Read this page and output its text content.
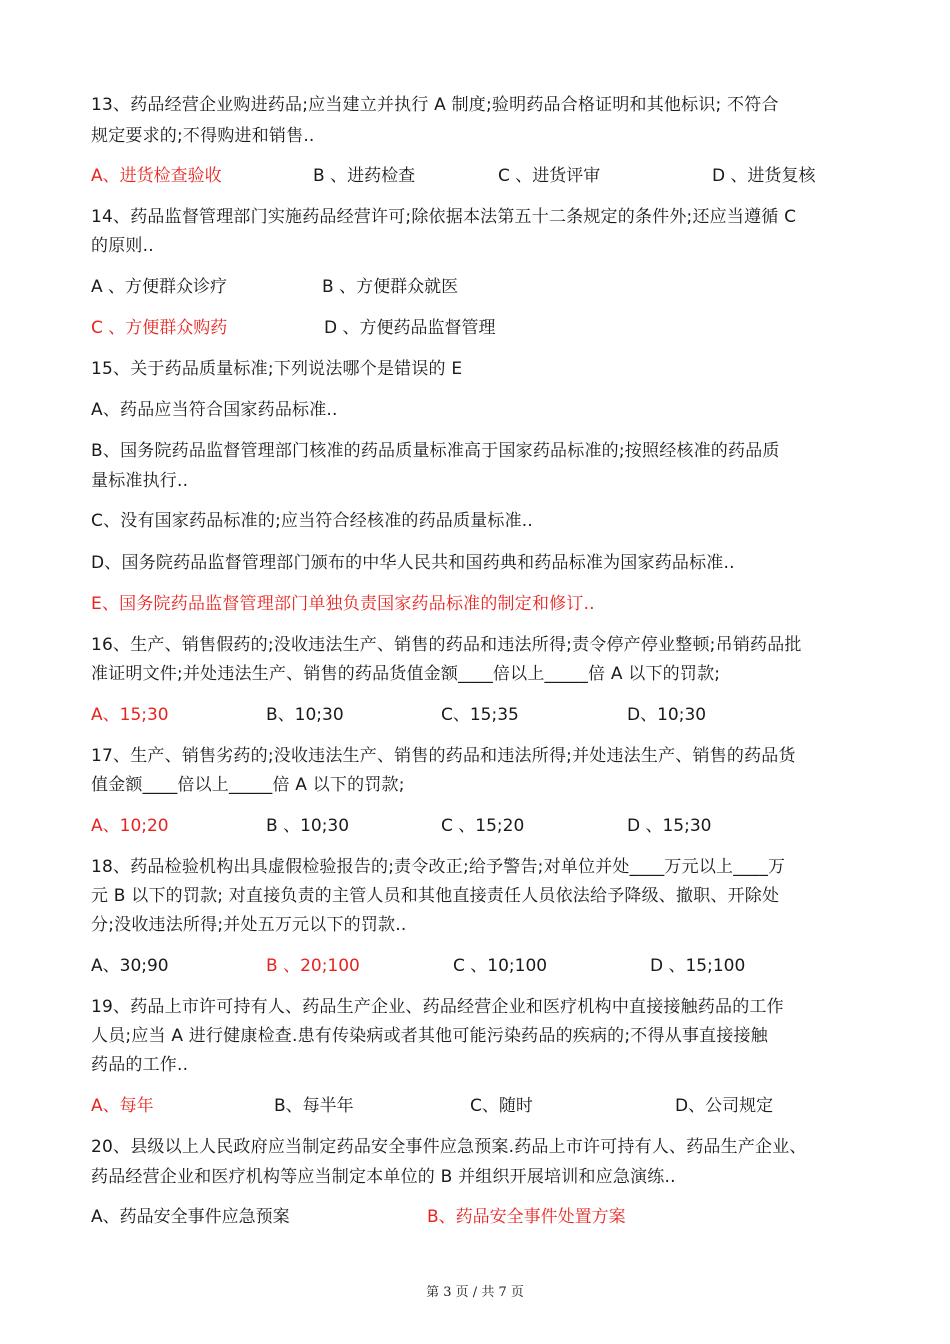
13、药品经营企业购进药品;应当建立并执行 A 制度;验明药品合格证明和其他标识; 不符合
规定要求的;不得购进和销售..
A、进货检查验收	B 、进药检查	C 、进货评审	D 、进货复核
14、药品监督管理部门实施药品经营许可;除依据本法第五十二条规定的条件外;还应当遵循 C
的原则..
A 、方便群众诊疗	B 、方便群众就医
C 、方便群众购药	D 、方便药品监督管理
15、关于药品质量标准;下列说法哪个是错误的 E
A、药品应当符合国家药品标准..
B、国务院药品监督管理部门核准的药品质量标准高于国家药品标准的;按照经核准的药品质
量标准执行..
C、没有国家药品标准的;应当符合经核准的药品质量标准..
D、国务院药品监督管理部门颁布的中华人民共和国药典和药品标准为国家药品标准..
E、国务院药品监督管理部门单独负责国家药品标准的制定和修订..
16、生产、销售假药的;没收违法生产、销售的药品和违法所得;责令停产停业整顿;吊销药品批
准证明文件;并处违法生产、销售的药品货值金额____倍以上_____倍 A 以下的罚款;
A、15;30	B、10;30	C、15;35	D、10;30
17、生产、销售劣药的;没收违法生产、销售的药品和违法所得;并处违法生产、销售的药品货
值金额____倍以上_____倍 A 以下的罚款;
A、10;20	B 、10;30	C 、15;20	D 、15;30
18、药品检验机构出具虚假检验报告的;责令改正;给予警告;对单位并处____万元以上____万
元 B 以下的罚款; 对直接负责的主管人员和其他直接责任人员依法给予降级、撤职、开除处
分;没收违法所得;并处五万元以下的罚款..
A、30;90	B 、20;100	C 、10;100	D 、15;100
19、药品上市许可持有人、药品生产企业、药品经营企业和医疗机构中直接接触药品的工作
人员;应当 A 进行健康检查.患有传染病或者其他可能污染药品的疾病的;不得从事直接接触
药品的工作..
A、每年	B、每半年	C、随时	D、公司规定
20、县级以上人民政府应当制定药品安全事件应急预案.药品上市许可持有人、药品生产企业、
药品经营企业和医疗机构等应当制定本单位的 B 并组织开展培训和应急演练..
A、药品安全事件应急预案	B、药品安全事件处置方案
第 3 页 / 共 7 页
